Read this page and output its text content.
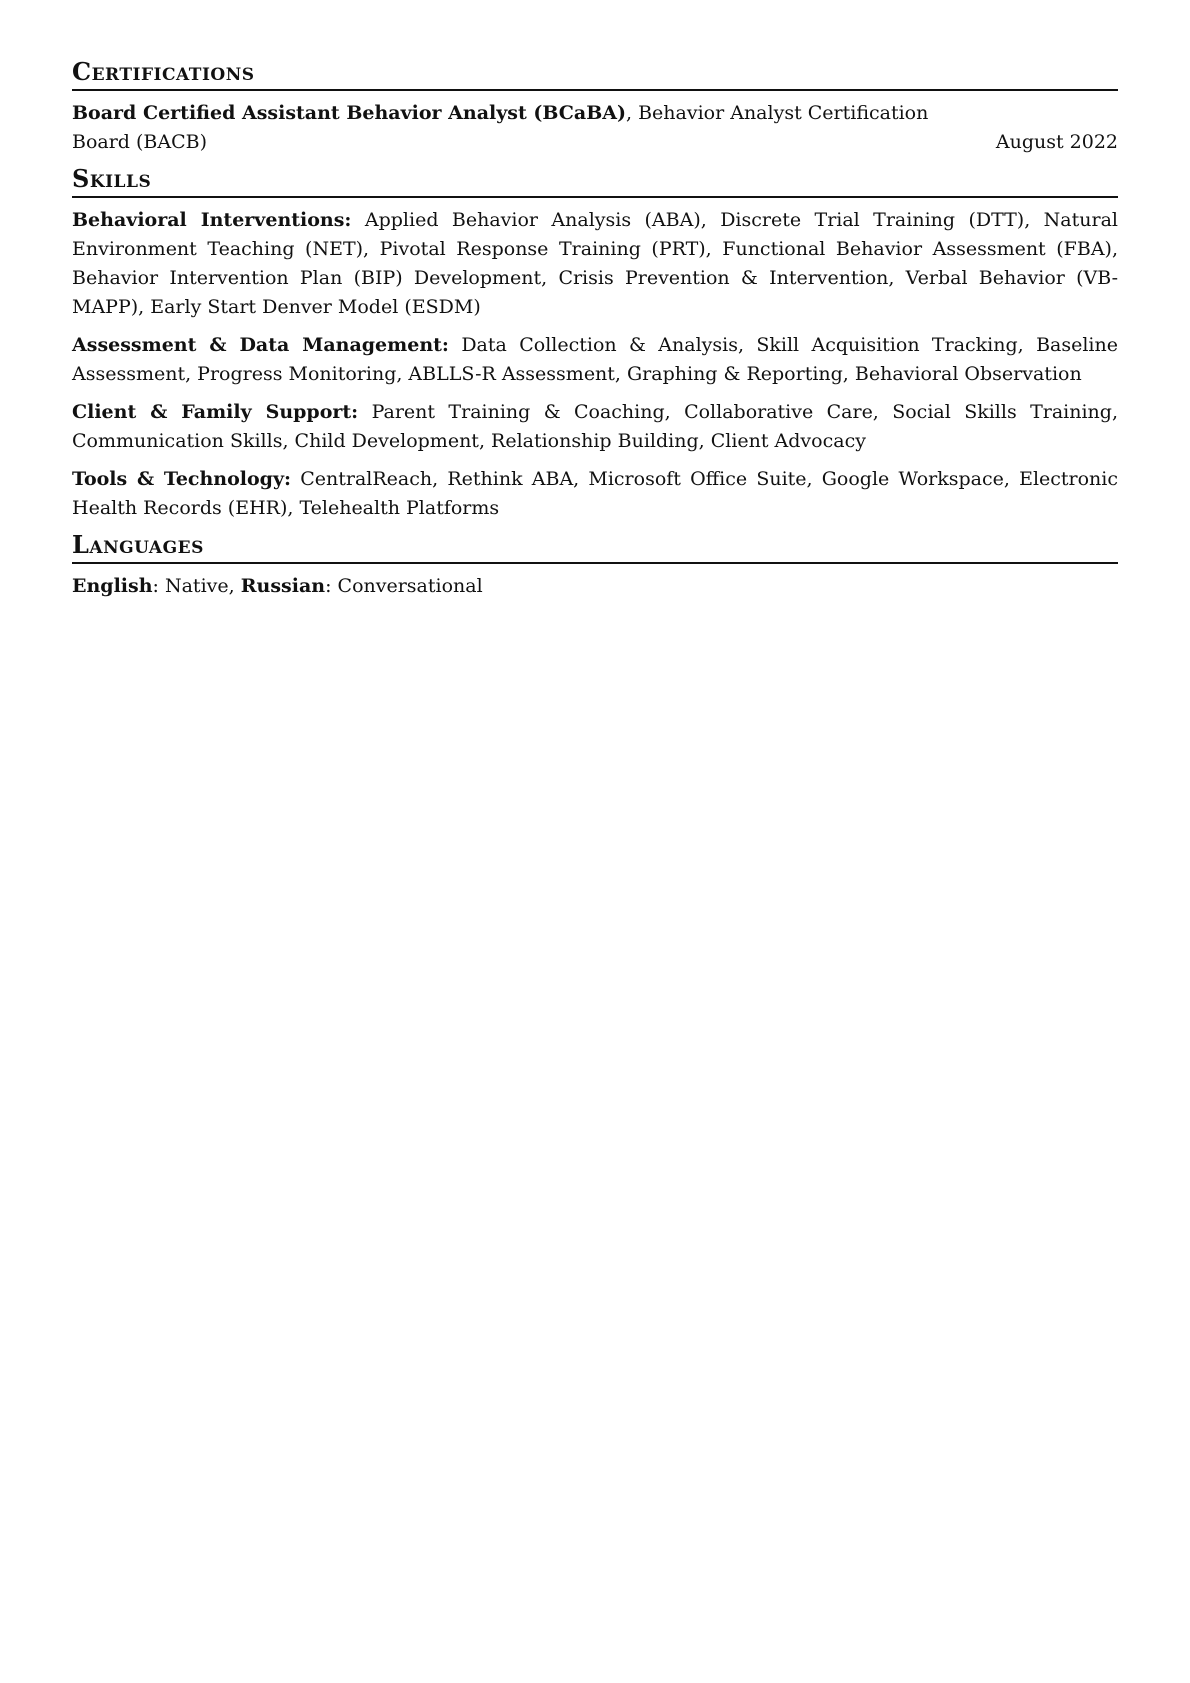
Certifications
Board Certified Assistant Behavior Analyst (BCaBA), Behavior Analyst Certification Board (BACB)	August 2022
Skills

Behavioral Interventions: Applied Behavior Analysis (ABA), Discrete Trial Training (DTT), Natural Environment Teaching (NET), Pivotal Response Training (PRT), Functional Behavior Assessment (FBA), Behavior Intervention Plan (BIP) Development, Crisis Prevention & Intervention, Verbal Behavior (VB-MAPP), Early Start Denver Model (ESDM)

Assessment & Data Management: Data Collection & Analysis, Skill Acquisition Tracking, Baseline Assessment, Progress Monitoring, ABLLS-R Assessment, Graphing & Reporting, Behavioral Observation

Client & Family Support: Parent Training & Coaching, Collaborative Care, Social Skills Training, Communication Skills, Child Development, Relationship Building, Client Advocacy

Tools & Technology: CentralReach, Rethink ABA, Microsoft Office Suite, Google Workspace, Electronic Health Records (EHR), Telehealth Platforms

Languages
English: Native, Russian: Conversational
